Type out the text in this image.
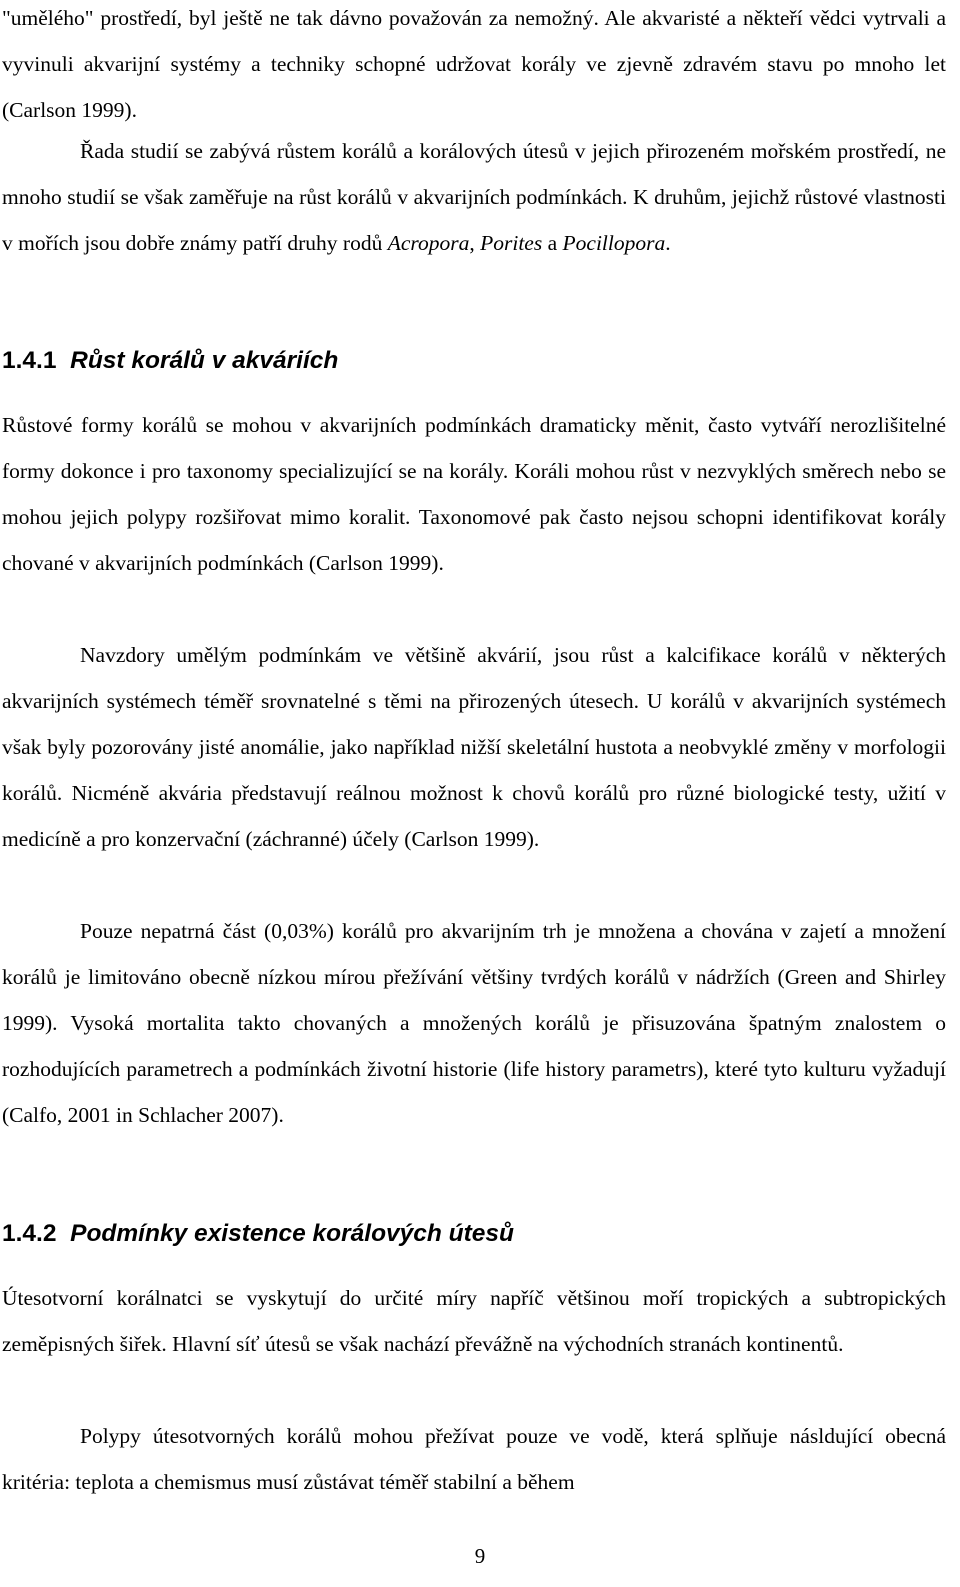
"umělého" prostředí, byl ještě ne tak dávno považován za nemožný. Ale akvaristé a někteří vědci vytrvali a vyvinuli akvarijní systémy a techniky schopné udržovat korály ve zjevně zdravém stavu po mnoho let (Carlson 1999).

Řada studií se zabývá růstem korálů a korálových útesů v jejich přirozeném mořském prostředí, ne mnoho studií se však zaměřuje na růst korálů v akvarijních podmínkách. K druhům, jejichž růstové vlastnosti v mořích jsou dobře známy patří druhy rodů Acropora, Porites a Pocillopora.

1.4.1 Růst korálů v akváriích

Růstové formy korálů se mohou v akvarijních podmínkách dramaticky měnit, často vytváří nerozlišitelné formy dokonce i pro taxonomy specializující se na korály. Koráli mohou růst v nezvyklých směrech nebo se mohou jejich polypy rozšiřovat mimo koralit. Taxonomové pak často nejsou schopni identifikovat korály chované v akvarijních podmínkách (Carlson 1999).

Navzdory umělým podmínkám ve většině akvárií, jsou růst a kalcifikace korálů v některých akvarijních systémech téměř srovnatelné s těmi na přirozených útesech. U korálů v akvarijních systémech však byly pozorovány jisté anomálie, jako například nižší skeletální hustota a neobvyklé změny v morfologii korálů. Nicméně akvária představují reálnou možnost k chovů korálů pro různé biologické testy, užití v medicíně a pro konzervační (záchranné) účely (Carlson 1999).

Pouze nepatrná část (0,03%) korálů pro akvarijním trh je množena a chována v zajetí a množení korálů je limitováno obecně nízkou mírou přežívání většiny tvrdých korálů v nádržích (Green and Shirley 1999). Vysoká mortalita takto chovaných a množených korálů je přisuzována špatným znalostem o rozhodujících parametrech a podmínkách životní historie (life history parametrs), které tyto kulturu vyžadují (Calfo, 2001 in Schlacher 2007).

1.4.2 Podmínky existence korálových útesů

Útesotvorní korálnatci se vyskytují do určité míry napříč většinou moří tropických a subtropických zeměpisných šiřek. Hlavní síť útesů se však nachází převážně na východních stranách kontinentů.

Polypy útesotvorných korálů mohou přežívat pouze ve vodě, která splňuje násldující obecná kritéria: teplota a chemismus musí zůstávat téměř stabilní a během

9
